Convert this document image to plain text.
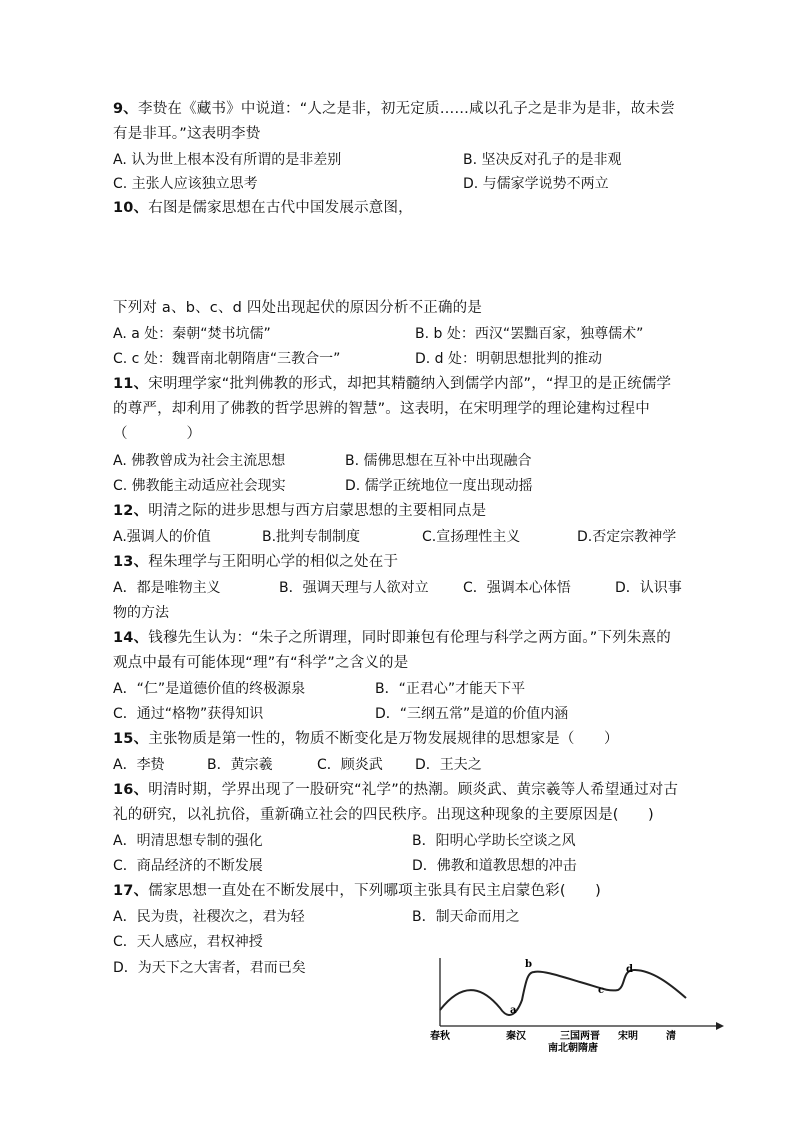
9、李贽在《藏书》中说道：“人之是非，初无定质……咸以孔子之是非为是非，故未尝
有是非耳。”这表明李贽
A. 认为世上根本没有所谓的是非差别	B. 坚决反对孔子的是非观
C. 主张人应该独立思考	D. 与儒家学说势不两立
10、右图是儒家思想在古代中国发展示意图，
下列对 a、b、c、d 四处出现起伏的原因分析不正确的是
A. a 处：秦朝“焚书坑儒”	B. b 处：西汉“罢黜百家，独尊儒术”
C. c 处：魏晋南北朝隋唐“三教合一”	D. d 处：明朝思想批判的推动
11、宋明理学家“批判佛教的形式，却把其精髓纳入到儒学内部”，“捍卫的是正统儒学
的尊严，却利用了佛教的哲学思辨的智慧”。这表明，在宋明理学的理论建构过程中
（　　　　）
A. 佛教曾成为社会主流思想	B. 儒佛思想在互补中出现融合
C. 佛教能主动适应社会现实	D. 儒学正统地位一度出现动摇
12、明清之际的进步思想与西方启蒙思想的主要相同点是
A.强调人的价值	B.批判专制制度	C.宣扬理性主义	D.否定宗教神学
13、程朱理学与王阳明心学的相似之处在于
A．都是唯物主义	B．强调天理与人欲对立 C．强调本心体悟	D．认识事
物的方法
14、钱穆先生认为：“朱子之所谓理，同时即兼包有伦理与科学之两方面。”下列朱熹的
观点中最有可能体现“理”有“科学”之含义的是
A．“仁”是道德价值的终极源泉	B．“正君心”才能天下平
C．通过“格物”获得知识	D．“三纲五常”是道的价值内涵
15、主张物质是第一性的，物质不断变化是万物发展规律的思想家是（　　）
A．李贽	B．黄宗羲	C．顾炎武 D．王夫之
16、明清时期，学界出现了一股研究“礼学”的热潮。顾炎武、黄宗羲等人希望通过对古
礼的研究，以礼抗俗，重新确立社会的四民秩序。出现这种现象的主要原因是(　　)
A．明清思想专制的强化	B．阳明心学助长空谈之风
C．商品经济的不断发展	D．佛教和道教思想的冲击
17、儒家思想一直处在不断发展中，下列哪项主张具有民主启蒙色彩(　　)
A．民为贵，社稷次之，君为轻	B．制天命而用之
C．天人感应，君权神授
D．为天下之大害者，君而已矣
a
b
c
d
春秋	秦汉	三国两晋 宋明	清
南北朝隋唐
